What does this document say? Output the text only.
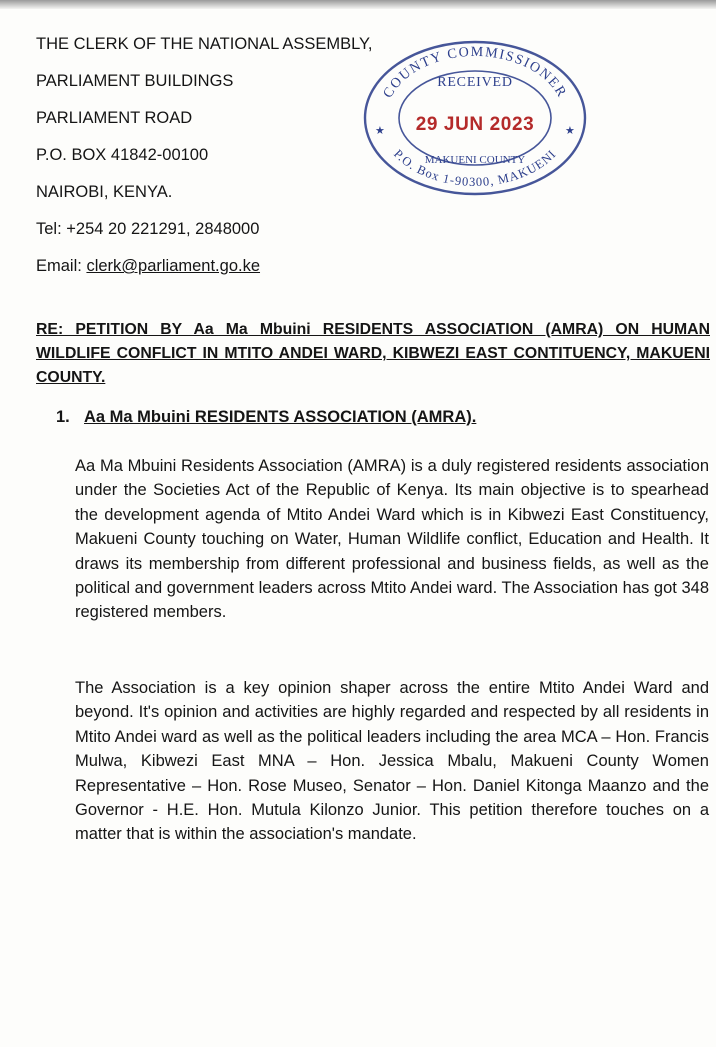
THE CLERK OF THE NATIONAL ASSEMBLY,
PARLIAMENT BUILDINGS
PARLIAMENT ROAD
P.O. BOX 41842-00100
NAIROBI, KENYA.
Tel: +254 20 221291, 2848000
Email: clerk@parliament.go.ke
COUNTY COMMISSIONER
P.O. Box 1-90300, MAKUENI
RECEIVED
29 JUN 2023
MAKUENI COUNTY
★	★
RE: PETITION BY Aa Ma Mbuini RESIDENTS ASSOCIATION (AMRA) ON HUMAN WILDLIFE CONFLICT IN MTITO ANDEI WARD, KIBWEZI EAST CONTITUENCY, MAKUENI COUNTY.
1. Aa Ma Mbuini RESIDENTS ASSOCIATION (AMRA).
Aa Ma Mbuini Residents Association (AMRA) is a duly registered residents association under the Societies Act of the Republic of Kenya. Its main objective is to spearhead the development agenda of Mtito Andei Ward which is in Kibwezi East Constituency, Makueni County touching on Water, Human Wildlife conflict, Education and Health. It draws its membership from different professional and business fields, as well as the political and government leaders across Mtito Andei ward. The Association has got 348 registered members.
The Association is a key opinion shaper across the entire Mtito Andei Ward and beyond. It's opinion and activities are highly regarded and respected by all residents in Mtito Andei ward as well as the political leaders including the area MCA – Hon. Francis Mulwa, Kibwezi East MNA – Hon. Jessica Mbalu, Makueni County Women Representative – Hon. Rose Museo, Senator – Hon. Daniel Kitonga Maanzo and the Governor - H.E. Hon. Mutula Kilonzo Junior. This petition therefore touches on a matter that is within the association's mandate.
